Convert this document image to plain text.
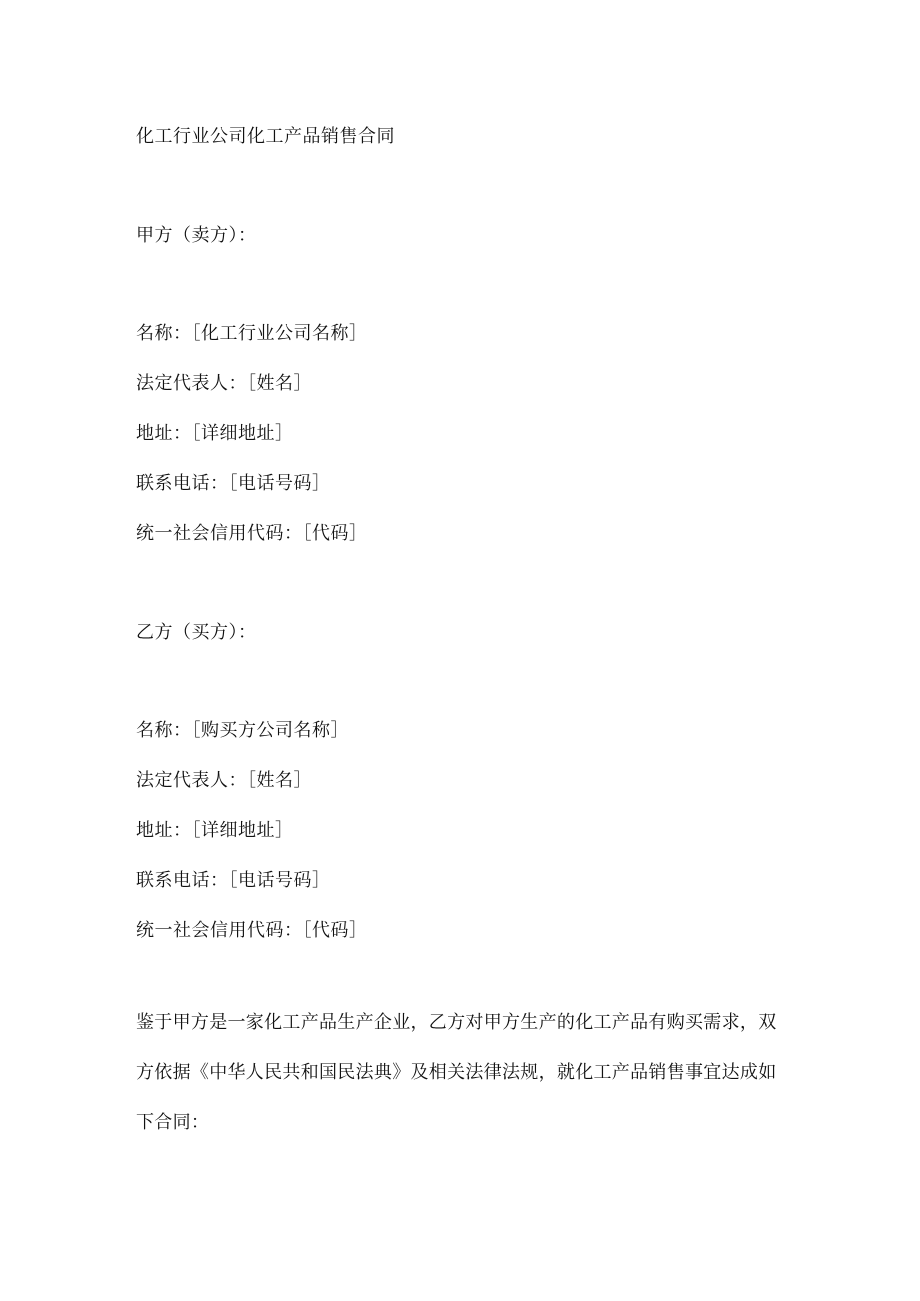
化工行业公司化工产品销售合同
甲方（卖方）：
名称：［化工行业公司名称］
法定代表人：［姓名］
地址：［详细地址］
联系电话：［电话号码］
统一社会信用代码：［代码］
乙方（买方）：
名称：［购买方公司名称］
法定代表人：［姓名］
地址：［详细地址］
联系电话：［电话号码］
统一社会信用代码：［代码］
鉴于甲方是一家化工产品生产企业，乙方对甲方生产的化工产品有购买需求，双
方依据《中华人民共和国民法典》及相关法律法规，就化工产品销售事宜达成如
下合同：
